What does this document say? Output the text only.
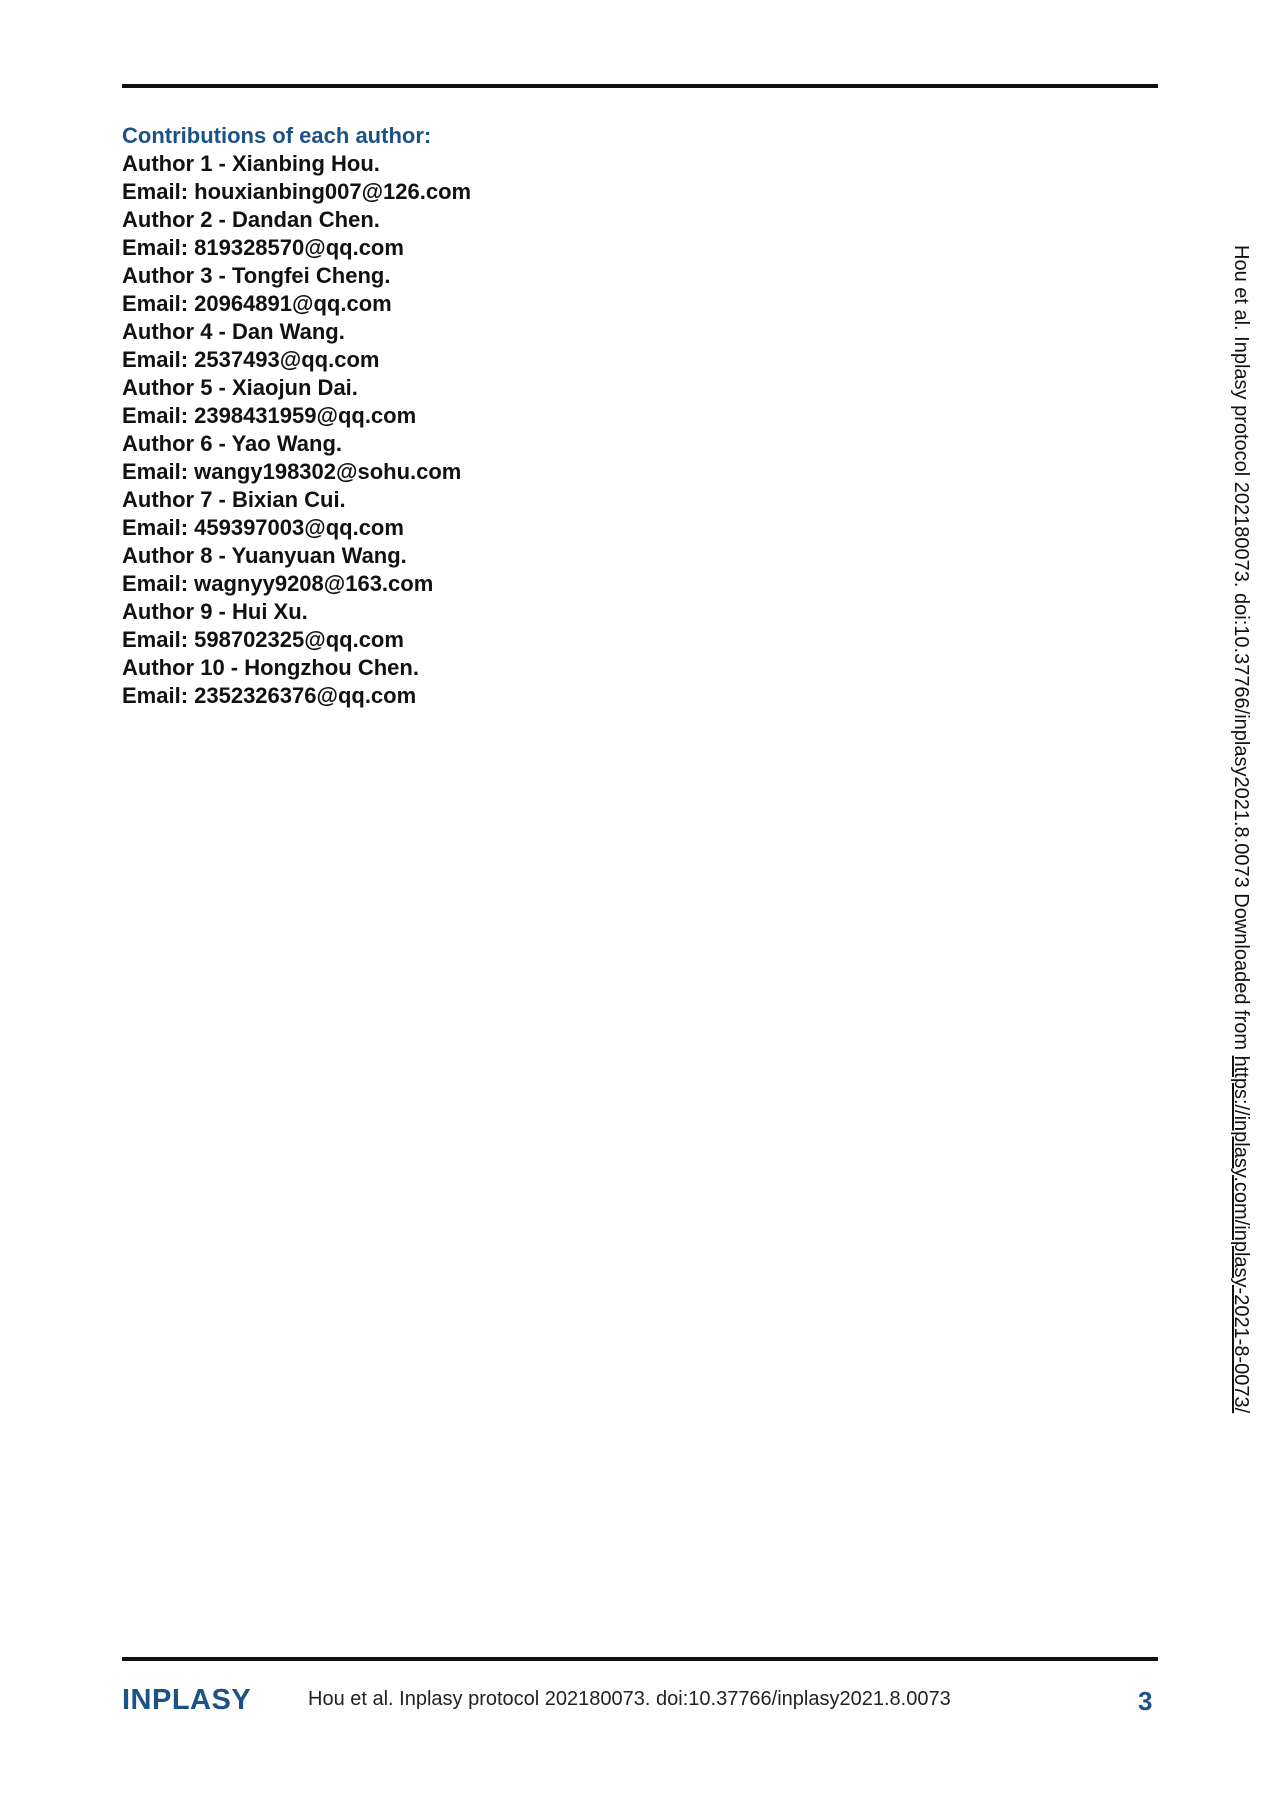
Contributions of each author:
Author 1 - Xianbing Hou.
Email: houxianbing007@126.com
Author 2 - Dandan Chen.
Email: 819328570@qq.com
Author 3 - Tongfei Cheng.
Email: 20964891@qq.com
Author 4 - Dan Wang.
Email: 2537493@qq.com
Author 5 - Xiaojun Dai.
Email: 2398431959@qq.com
Author 6 - Yao Wang.
Email: wangy198302@sohu.com
Author 7 - Bixian Cui.
Email: 459397003@qq.com
Author 8 - Yuanyuan Wang.
Email: wagnyy9208@163.com
Author 9 - Hui Xu.
Email: 598702325@qq.com
Author 10 - Hongzhou Chen.
Email: 2352326376@qq.com	Hou et al. Inplasy protocol 202180073. doi:10.37766/inplasy2021.8.0073 Downloaded from https://inplasy.com/inplasy-2021-8-0073/
INPLASY	Hou et al. Inplasy protocol 202180073. doi:10.37766/inplasy2021.8.0073	3
